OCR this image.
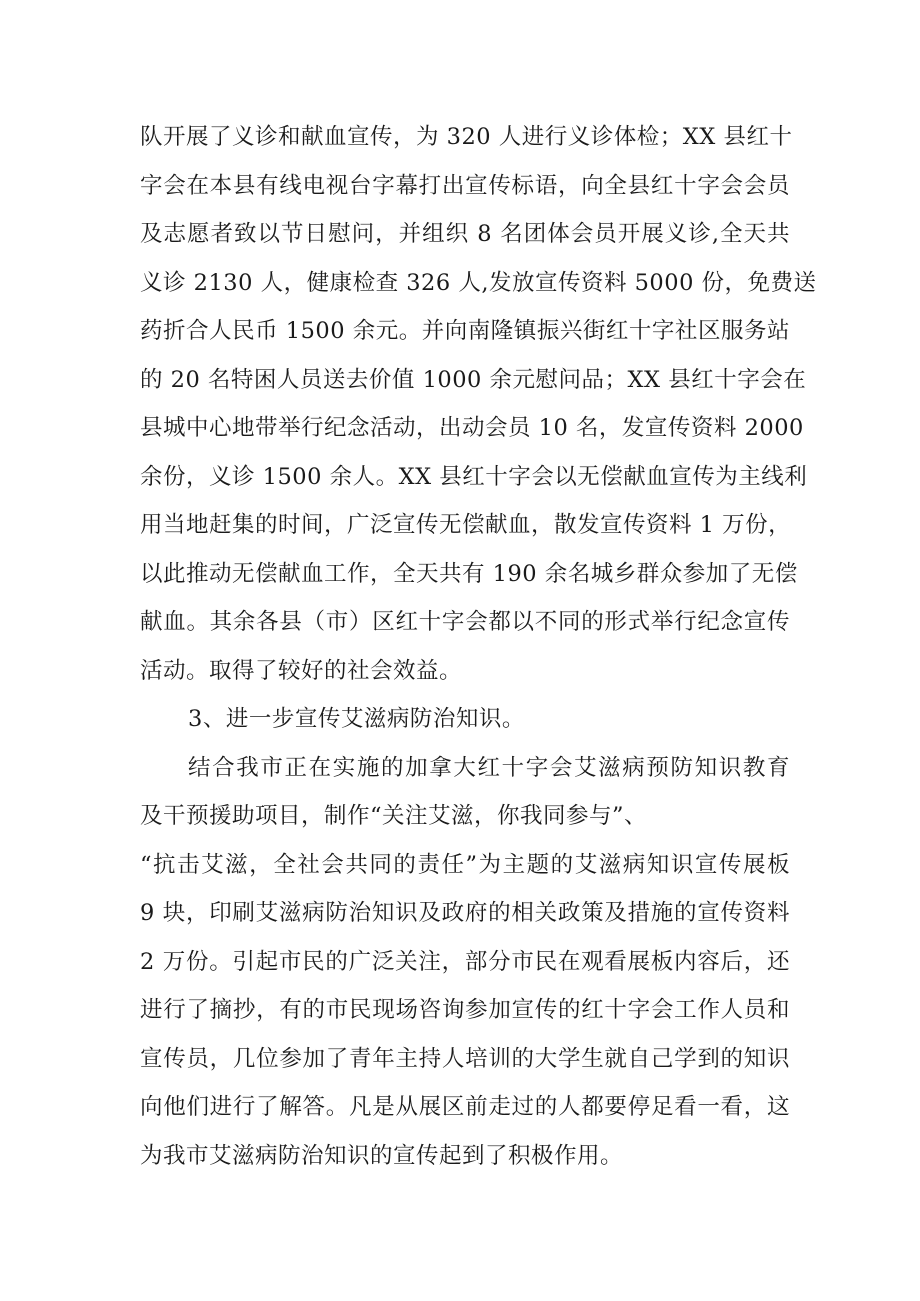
队开展了义诊和献血宣传，为 320 人进行义诊体检；XX 县红十
字会在本县有线电视台字幕打出宣传标语，向全县红十字会会员
及志愿者致以节日慰问，并组织 8 名团体会员开展义诊,全天共
义诊 2130 人，健康检查 326 人,发放宣传资料 5000 份，免费送
药折合人民币 1500 余元。并向南隆镇振兴街红十字社区服务站
的 20 名特困人员送去价值 1000 余元慰问品；XX 县红十字会在
县城中心地带举行纪念活动，出动会员 10 名，发宣传资料 2000
余份，义诊 1500 余人。XX 县红十字会以无偿献血宣传为主线利
用当地赶集的时间，广泛宣传无偿献血，散发宣传资料 1 万份，
以此推动无偿献血工作，全天共有 190 余名城乡群众参加了无偿
献血。其余各县（市）区红十字会都以不同的形式举行纪念宣传
活动。取得了较好的社会效益。
3、进一步宣传艾滋病防治知识。
结合我市正在实施的加拿大红十字会艾滋病预防知识教育
及干预援助项目，制作“关注艾滋，你我同参与”、
“抗击艾滋，全社会共同的责任”为主题的艾滋病知识宣传展板
9 块，印刷艾滋病防治知识及政府的相关政策及措施的宣传资料
2 万份。引起市民的广泛关注，部分市民在观看展板内容后，还
进行了摘抄，有的市民现场咨询参加宣传的红十字会工作人员和
宣传员，几位参加了青年主持人培训的大学生就自己学到的知识
向他们进行了解答。凡是从展区前走过的人都要停足看一看，这
为我市艾滋病防治知识的宣传起到了积极作用。
